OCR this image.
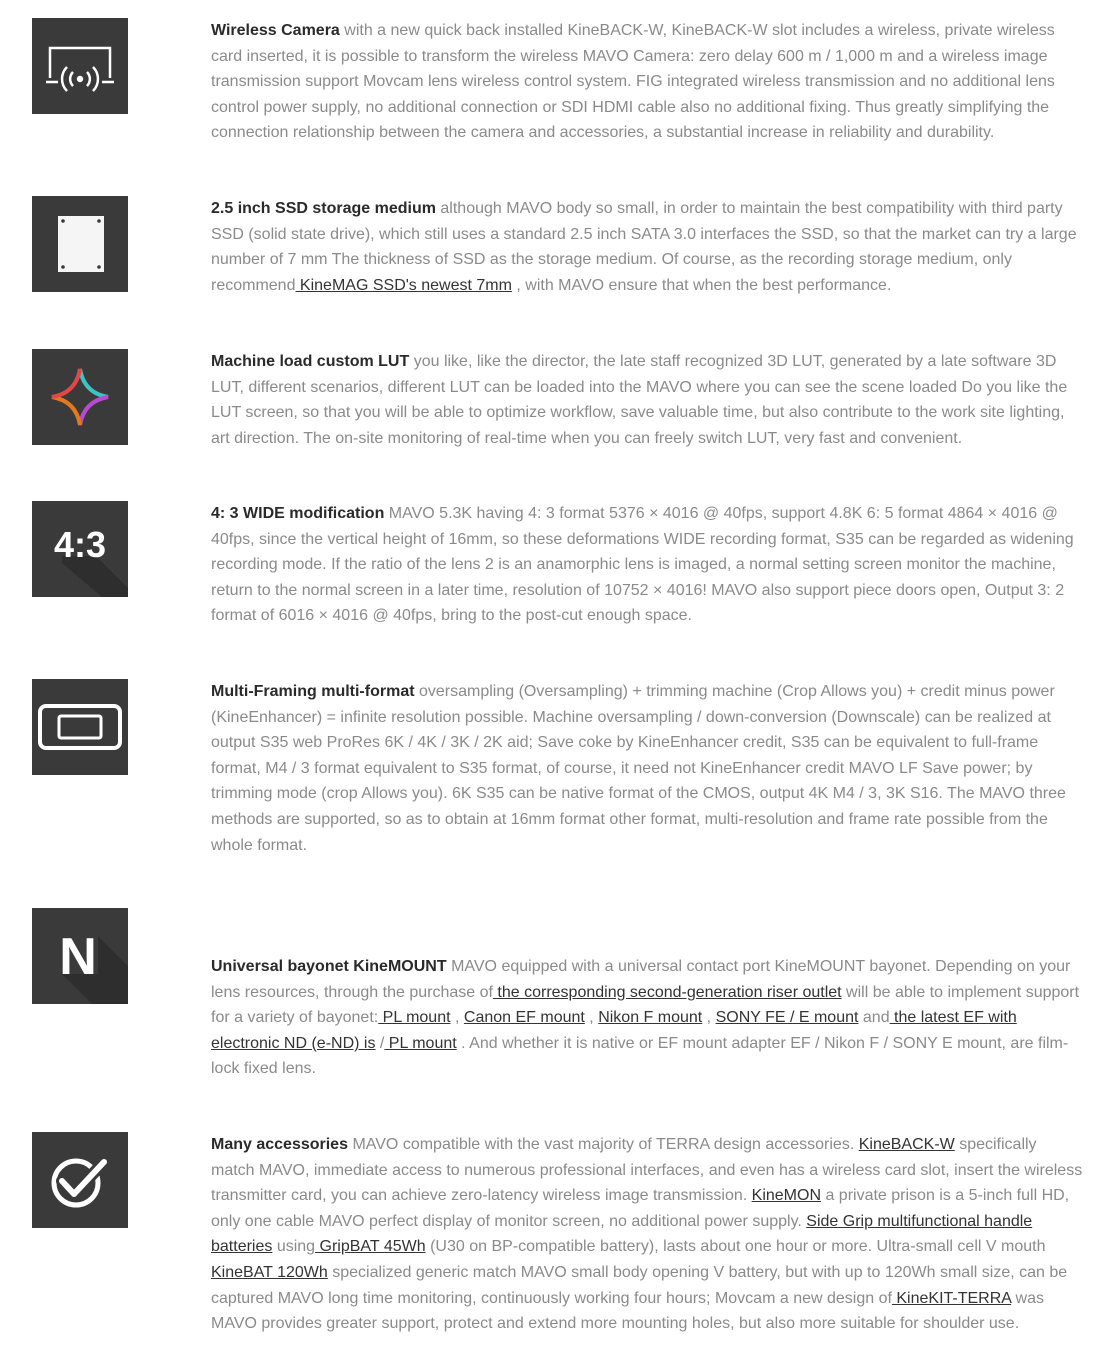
Wireless Camera with a new quick back installed KineBACK-W, KineBACK-W slot includes a wireless, private wireless card inserted, it is possible to transform the wireless MAVO Camera: zero delay 600 m / 1,000 m and a wireless image transmission support Movcam lens wireless control system. FIG integrated wireless transmission and no additional lens control power supply, no additional connection or SDI HDMI cable also no additional fixing. Thus greatly simplifying the connection relationship between the camera and accessories, a substantial increase in reliability and durability.
2.5 inch SSD storage medium although MAVO body so small, in order to maintain the best compatibility with third party SSD (solid state drive), which still uses a standard 2.5 inch SATA 3.0 interfaces the SSD, so that the market can try a large number of 7 mm The thickness of SSD as the storage medium. Of course, as the recording storage medium, only recommend KineMAG SSD's newest 7mm , with MAVO ensure that when the best performance.
Machine load custom LUT you like, like the director, the late staff recognized 3D LUT, generated by a late software 3D LUT, different scenarios, different LUT can be loaded into the MAVO where you can see the scene loaded Do you like the LUT screen, so that you will be able to optimize workflow, save valuable time, but also contribute to the work site lighting, art direction. The on-site monitoring of real-time when you can freely switch LUT, very fast and convenient.
4:3
4: 3 WIDE modification MAVO 5.3K having 4: 3 format 5376 × 4016 @ 40fps, support 4.8K 6: 5 format 4864 × 4016 @ 40fps, since the vertical height of 16mm, so these deformations WIDE recording format, S35 can be regarded as widening recording mode. If the ratio of the lens 2 is an anamorphic lens is imaged, a normal setting screen monitor the machine, return to the normal screen in a later time, resolution of 10752 × 4016! MAVO also support piece doors open, Output 3: 2 format of 6016 × 4016 @ 40fps, bring to the post-cut enough space.
Multi-Framing multi-format oversampling (Oversampling) + trimming machine (Crop Allows you) + credit minus power (KineEnhancer) = infinite resolution possible. Machine oversampling / down-conversion (Downscale) can be realized at output S35 web ProRes 6K / 4K / 3K / 2K aid; Save coke by KineEnhancer credit, S35 can be equivalent to full-frame format, M4 / 3 format equivalent to S35 format, of course, it need not KineEnhancer credit MAVO LF Save power; by trimming mode (crop Allows you). 6K S35 can be native format of the CMOS, output 4K M4 / 3, 3K S16. The MAVO three methods are supported, so as to obtain at 16mm format other format, multi-resolution and frame rate possible from the whole format.
N	Universal bayonet KineMOUNT MAVO equipped with a universal contact port KineMOUNT bayonet. Depending on your lens resources, through the purchase of the corresponding second-generation riser outlet will be able to implement support for a variety of bayonet: PL mount , Canon EF mount , Nikon F mount , SONY FE / E mount and the latest EF with electronic ND (e-ND) is / PL mount . And whether it is native or EF mount adapter EF / Nikon F / SONY E mount, are film-lock fixed lens.
Many accessories MAVO compatible with the vast majority of TERRA design accessories. KineBACK-W specifically match MAVO, immediate access to numerous professional interfaces, and even has a wireless card slot, insert the wireless transmitter card, you can achieve zero-latency wireless image transmission. KineMON a private prison is a 5-inch full HD, only one cable MAVO perfect display of monitor screen, no additional power supply. Side Grip multifunctional handle batteries using GripBAT 45Wh (U30 on BP-compatible battery), lasts about one hour or more. Ultra-small cell V mouth KineBAT 120Wh specialized generic match MAVO small body opening V battery, but with up to 120Wh small size, can be captured MAVO long time monitoring, continuously working four hours; Movcam a new design of KineKIT-TERRA was MAVO provides greater support, protect and extend more mounting holes, but also more suitable for shoulder use.
